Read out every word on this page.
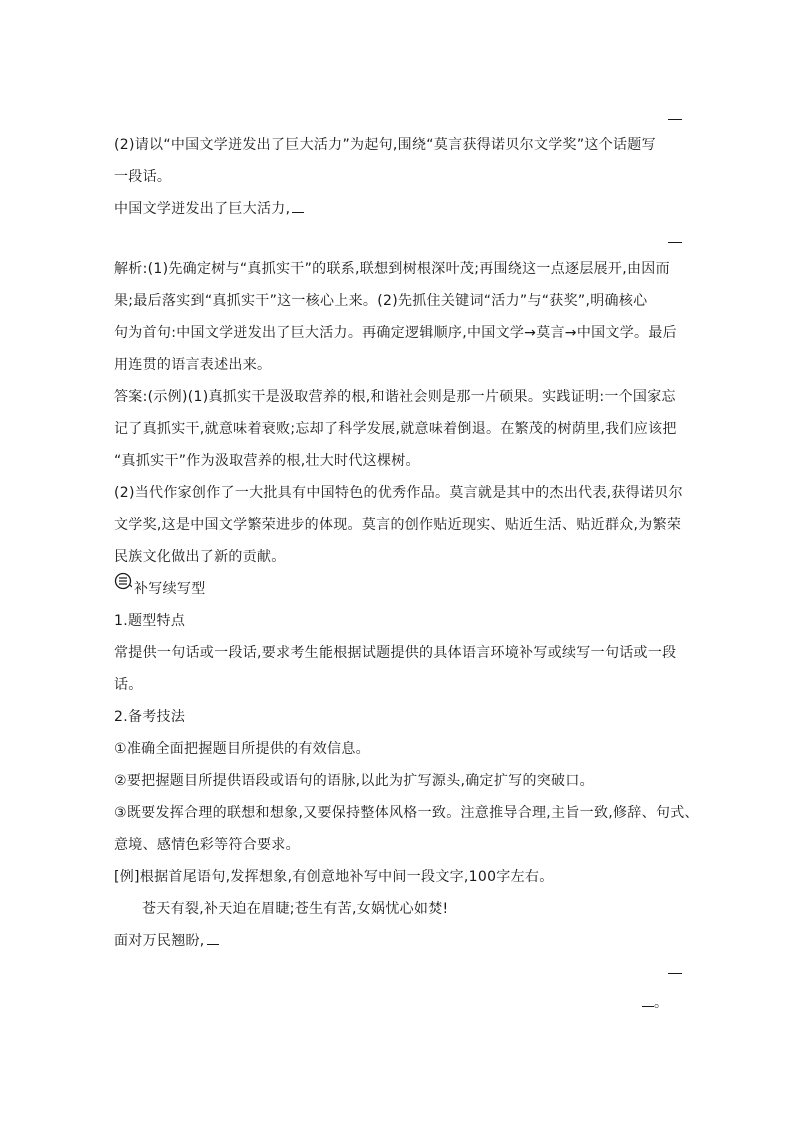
(2)请以“中国文学迸发出了巨大活力”为起句,围绕“莫言获得诺贝尔文学奖”这个话题写
一段话。
中国文学迸发出了巨大活力,
解析:(1)先确定树与“真抓实干”的联系,联想到树根深叶茂;再围绕这一点逐层展开,由因而
果;最后落实到“真抓实干”这一核心上来。(2)先抓住关键词“活力”与“获奖”,明确核心
句为首句:中国文学迸发出了巨大活力。再确定逻辑顺序,中国文学→莫言→中国文学。最后
用连贯的语言表述出来。
答案:(示例)(1)真抓实干是汲取营养的根,和谐社会则是那一片硕果。实践证明:一个国家忘
记了真抓实干,就意味着衰败;忘却了科学发展,就意味着倒退。在繁茂的树荫里,我们应该把
“真抓实干”作为汲取营养的根,壮大时代这棵树。
(2)当代作家创作了一大批具有中国特色的优秀作品。莫言就是其中的杰出代表,获得诺贝尔
文学奖,这是中国文学繁荣进步的体现。莫言的创作贴近现实、贴近生活、贴近群众,为繁荣
民族文化做出了新的贡献。
补写续写型
1.题型特点
常提供一句话或一段话,要求考生能根据试题提供的具体语言环境补写或续写一句话或一段
话。
2.备考技法
①准确全面把握题目所提供的有效信息。
②要把握题目所提供语段或语句的语脉,以此为扩写源头,确定扩写的突破口。
③既要发挥合理的联想和想象,又要保持整体风格一致。注意推导合理,主旨一致,修辞、句式、
意境、感情色彩等符合要求。
[例]根据首尾语句,发挥想象,有创意地补写中间一段文字,100字左右。
苍天有裂,补天迫在眉睫;苍生有苦,女娲忧心如焚!
面对万民翘盼,
。
